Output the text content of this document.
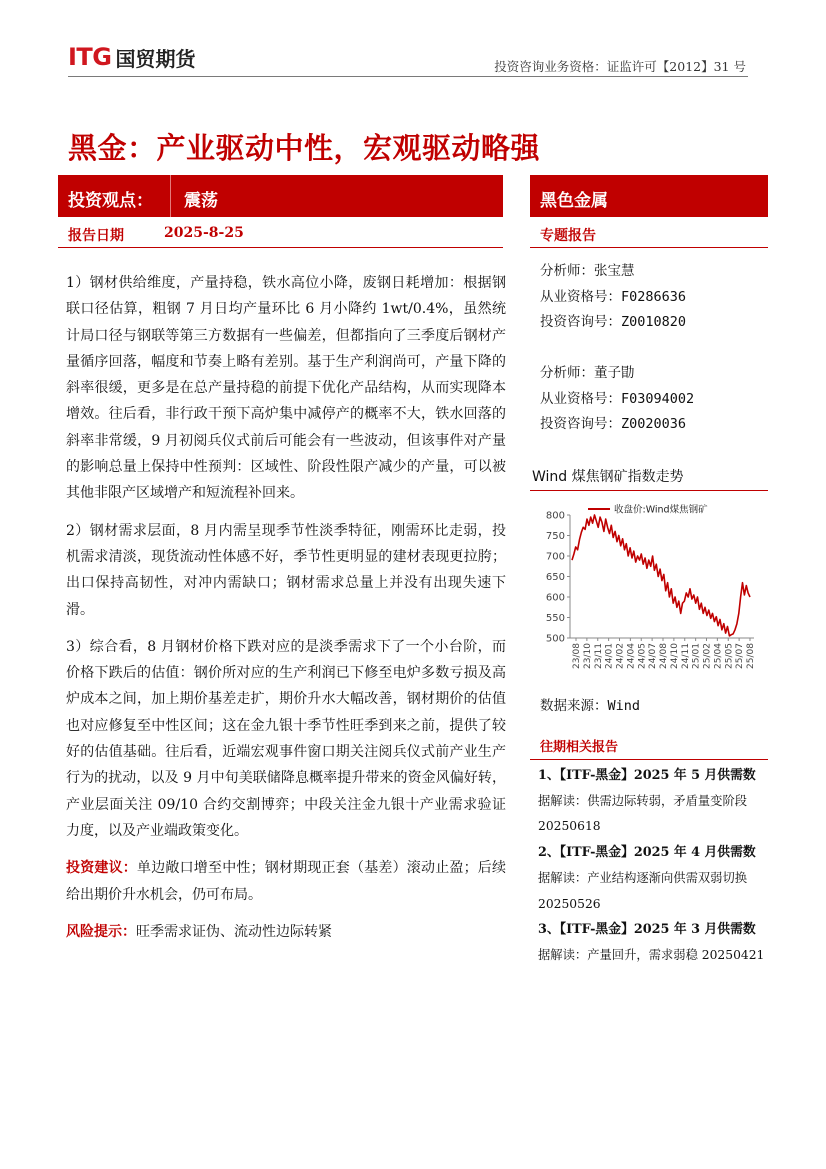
ITG 国贸期货	投资咨询业务资格：证监许可【2012】31 号
黑金：产业驱动中性，宏观驱动略强
投资观点： 震荡	黑色金属
报告日期	2025-8-25	专题报告

1）钢材供给维度，产量持稳，铁水高位小降，废钢日耗增加：根据钢联口径估算，粗钢 7 月日均产量环比 6 月小降约 1wt/0.4%，虽然统计局口径与钢联等第三方数据有一些偏差，但都指向了三季度后钢材产量循序回落，幅度和节奏上略有差别。基于生产利润尚可，产量下降的斜率很缓，更多是在总产量持稳的前提下优化产品结构，从而实现降本增效。往后看，非行政干预下高炉集中减停产的概率不大，铁水回落的斜率非常缓，9 月初阅兵仪式前后可能会有一些波动，但该事件对产量的影响总量上保持中性预判：区域性、阶段性限产减少的产量，可以被其他非限产区域增产和短流程补回来。

2）钢材需求层面，8 月内需呈现季节性淡季特征，刚需环比走弱，投机需求清淡，现货流动性体感不好，季节性更明显的建材表现更拉胯；出口保持高韧性，对冲内需缺口；钢材需求总量上并没有出现失速下滑。

3）综合看，8 月钢材价格下跌对应的是淡季需求下了一个小台阶，而价格下跌后的估值：钢价所对应的生产利润已下修至电炉多数亏损及高炉成本之间，加上期价基差走扩，期价升水大幅改善，钢材期价的估值也对应修复至中性区间；这在金九银十季节性旺季到来之前，提供了较好的估值基础。往后看，近端宏观事件窗口期关注阅兵仪式前产业生产行为的扰动，以及 9 月中旬美联储降息概率提升带来的资金风偏好转，产业层面关注 09/10 合约交割博弈；中段关注金九银十产业需求验证力度，以及产业端政策变化。

投资建议：单边敞口增至中性；钢材期现正套（基差）滚动止盈；后续给出期价升水机会，仍可布局。

风险提示：旺季需求证伪、流动性边际转紧

分析师：张宝慧
从业资格号：F0286636
投资咨询号：Z0010820
分析师：董子勖
从业资格号：F03094002
投资咨询号：Z0020036
Wind 煤焦钢矿指数走势
500
550
600
650
700
750
800
23/08 23/10 23/11 24/01 24/02 24/04 24/05 24/07 24/08 24/10 24/11 25/01 25/02 25/04 25/05 25/07 25/08
收盘价:Wind煤焦钢矿
数据来源：Wind
往期相关报告
1、【ITF-黑金】2025 年 5 月供需数据解读：供需边际转弱，矛盾量变阶段 20250618
2、【ITF-黑金】2025 年 4 月供需数据解读：产业结构逐渐向供需双弱切换 20250526
3、【ITF-黑金】2025 年 3 月供需数据解读：产量回升，需求弱稳 20250421
